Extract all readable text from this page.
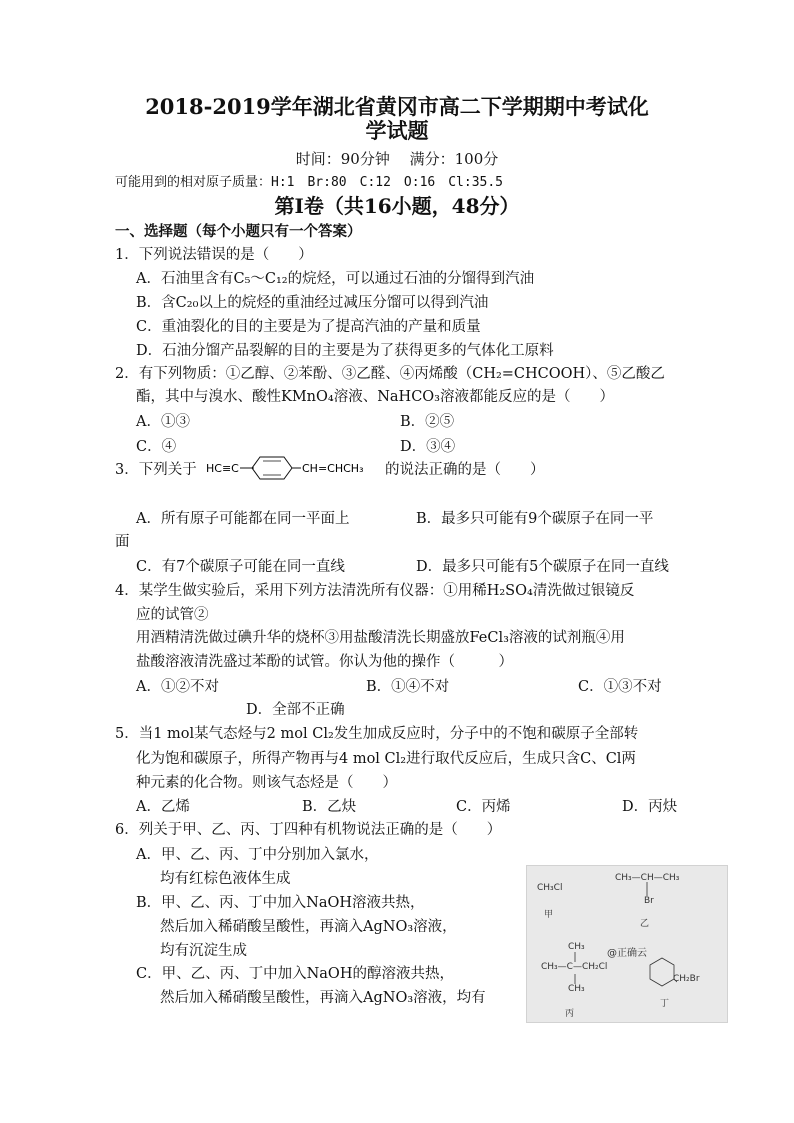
2018-2019学年湖北省黄冈市高二下学期期中考试化
学试题
时间：90分钟　 满分：100分
可能用到的相对原子质量：H:1　Br:80　C:12　O:16　Cl:35.5
第Ⅰ卷（共16小题，48分）
一、选择题（每个小题只有一个答案）
1．下列说法错误的是（　　）
A．石油里含有C₅～C₁₂的烷烃，可以通过石油的分馏得到汽油
B．含C₂₀以上的烷烃的重油经过减压分馏可以得到汽油
C．重油裂化的目的主要是为了提高汽油的产量和质量
D．石油分馏产品裂解的目的主要是为了获得更多的气体化工原料
2．有下列物质：①乙醇、②苯酚、③乙醛、④丙烯酸（CH₂=CHCOOH）、⑤乙酸乙
酯，其中与溴水、酸性KMnO₄溶液、NaHCO₃溶液都能反应的是（　　）
A．①③	B．②⑤
C．④	D．③④
3．下列关于 HC≡C	CH=CHCH₃ 的说法正确的是（　　）
A．所有原子可能都在同一平面上	B．最多只可能有9个碳原子在同一平
面
C．有7个碳原子可能在同一直线	D．最多只可能有5个碳原子在同一直线
4．某学生做实验后，采用下列方法清洗所有仪器：①用稀H₂SO₄清洗做过银镜反
应的试管②
用酒精清洗做过碘升华的烧杯③用盐酸清洗长期盛放FeCl₃溶液的试剂瓶④用
盐酸溶液清洗盛过苯酚的试管。你认为他的操作（　　　）
A．①②不对	B．①④不对	C．①③不对
D．全部不正确
5．当1 mol某气态烃与2 mol Cl₂发生加成反应时，分子中的不饱和碳原子全部转
化为饱和碳原子，所得产物再与4 mol Cl₂进行取代反应后，生成只含C、Cl两
种元素的化合物。则该气态烃是（　　）
A．乙烯	B．乙炔	C．丙烯	D．丙炔
6．列关于甲、乙、丙、丁四种有机物说法正确的是（　　）
A．甲、乙、丙、丁中分别加入氯水，
均有红棕色液体生成
B．甲、乙、丙、丁中加入NaOH溶液共热，
然后加入稀硝酸呈酸性，再滴入AgNO₃溶液，
均有沉淀生成
C．甲、乙、丙、丁中加入NaOH的醇溶液共热，
然后加入稀硝酸呈酸性，再滴入AgNO₃溶液，均有
CH₃Cl
甲
CH₃—CH—CH₃
Br
乙
CH₃
CH₃—C—CH₂Cl
CH₃
丙
@正确云
CH₂Br
丁
